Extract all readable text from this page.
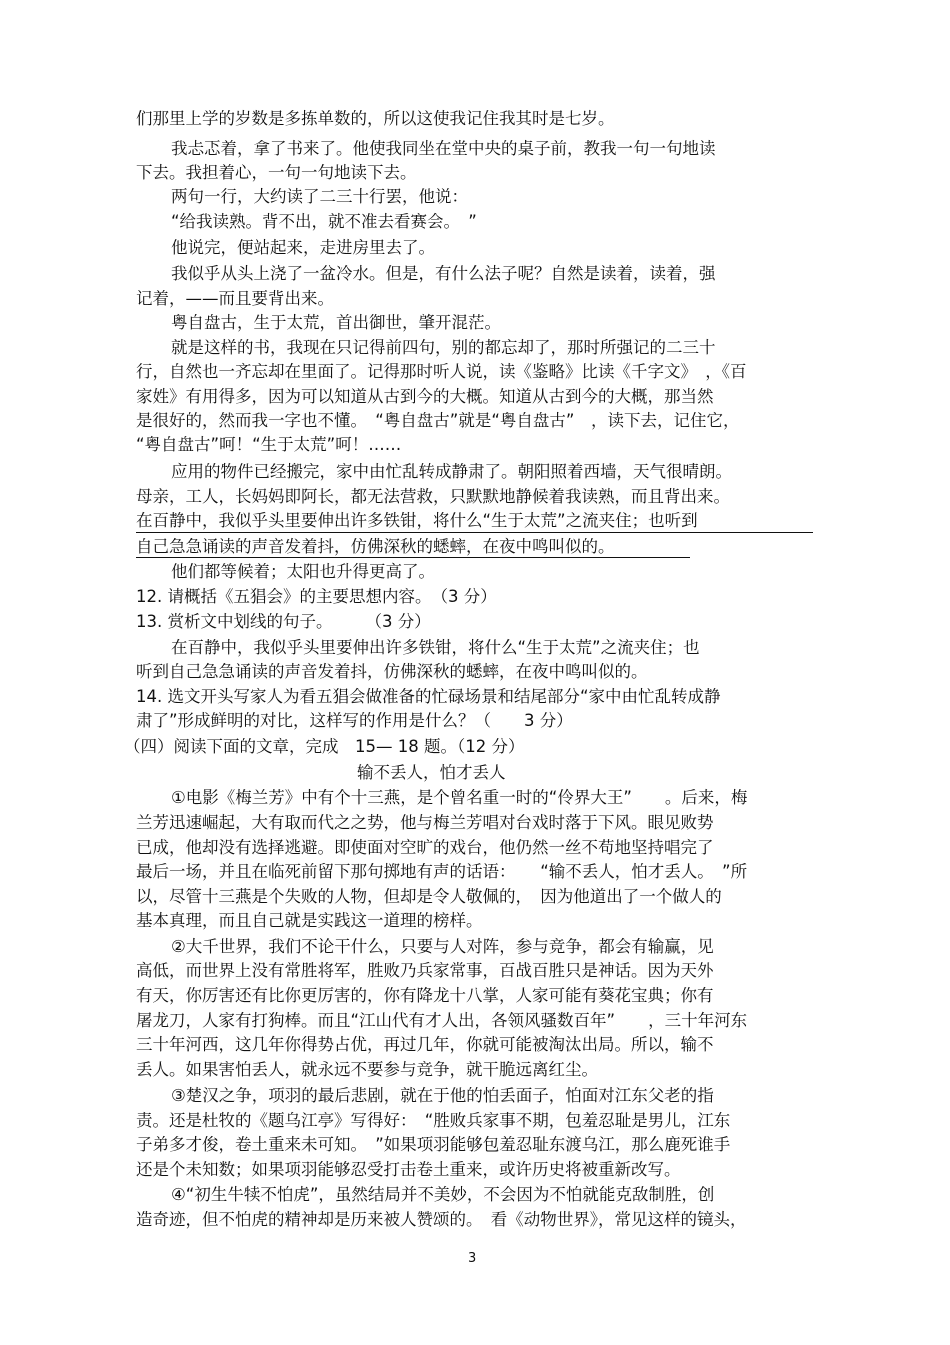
们那里上学的岁数是多拣单数的，所以这使我记住我其时是七岁。
我忐忑着，拿了书来了。他使我同坐在堂中央的桌子前，教我一句一句地读
下去。我担着心，一句一句地读下去。
两句一行，大约读了二三十行罢，他说：
“给我读熟。背不出，就不准去看赛会。　”
他说完，便站起来，走进房里去了。
我似乎从头上浇了一盆冷水。但是，有什么法子呢？自然是读着，读着，强
记着，——而且要背出来。
粤自盘古，生于太荒，首出御世，肇开混茫。
就是这样的书，我现在只记得前四句，别的都忘却了，那时所强记的二三十
行，自然也一齐忘却在里面了。记得那时听人说，读《鉴略》比读《千字文》　，《百
家姓》有用得多，因为可以知道从古到今的大概。知道从古到今的大概，那当然
是很好的，然而我一字也不懂。　“粤自盘古”就是“粤自盘古”　，读下去，记住它，
“粤自盘古”呵！“生于太荒”呵！……
应用的物件已经搬完，家中由忙乱转成静肃了。朝阳照着西墙，天气很晴朗。
母亲，工人，长妈妈即阿长，都无法营救，只默默地静候着我读熟，而且背出来。
在百静中，我似乎头里要伸出许多铁钳，将什么“生于太荒”之流夹住；也听到
自己急急诵读的声音发着抖，仿佛深秋的蟋蟀，在夜中鸣叫似的。
他们都等候着；太阳也升得更高了。
12. 请概括《五猖会》的主要思想内容。　（3 分）
13. 赏析文中划线的句子。　　　（3 分）
在百静中，我似乎头里要伸出许多铁钳，将什么“生于太荒”之流夹住；也
听到自己急急诵读的声音发着抖，仿佛深秋的蟋蟀，在夜中鸣叫似的。
14. 选文开头写家人为看五猖会做准备的忙碌场景和结尾部分“家中由忙乱转成静
肃了”形成鲜明的对比，这样写的作用是什么？（　　3 分）
（四）阅读下面的文章，完成　15— 18 题。（12 分）
输不丢人，怕才丢人
①电影《梅兰芳》中有个十三燕，是个曾名重一时的“伶界大王”　　。后来，梅
兰芳迅速崛起，大有取而代之之势，他与梅兰芳唱对台戏时落于下风。眼见败势
已成，他却没有选择逃避。即使面对空旷的戏台，他仍然一丝不苟地坚持唱完了
最后一场，并且在临死前留下那句掷地有声的话语：　　“输不丢人，怕才丢人。　”所
以，尽管十三燕是个失败的人物，但却是令人敬佩的，　因为他道出了一个做人的
基本真理，而且自己就是实践这一道理的榜样。
②大千世界，我们不论干什么，只要与人对阵，参与竞争，都会有输赢，见
高低，而世界上没有常胜将军，胜败乃兵家常事，百战百胜只是神话。因为天外
有天，你厉害还有比你更厉害的，你有降龙十八掌，人家可能有葵花宝典；你有
屠龙刀，人家有打狗棒。而且“江山代有才人出，各领风骚数百年”　　，三十年河东
三十年河西，这几年你得势占优，再过几年，你就可能被淘汰出局。所以，输不
丢人。如果害怕丢人，就永远不要参与竞争，就干脆远离红尘。
③楚汉之争，项羽的最后悲剧，就在于他的怕丢面子，怕面对江东父老的指
责。还是杜牧的《题乌江亭》写得好：　“胜败兵家事不期，包羞忍耻是男儿，江东
子弟多才俊，卷土重来未可知。　”如果项羽能够包羞忍耻东渡乌江，那么鹿死谁手
还是个未知数；如果项羽能够忍受打击卷土重来，或许历史将被重新改写。
④“初生牛犊不怕虎”，虽然结局并不美妙，不会因为不怕就能克敌制胜，创
造奇迹，但不怕虎的精神却是历来被人赞颂的。　看《动物世界》，常见这样的镜头，
3
